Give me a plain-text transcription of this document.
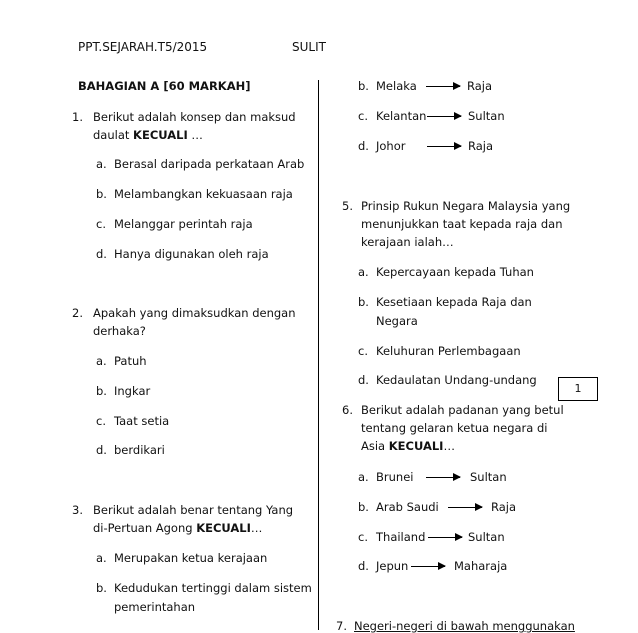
PPT.SEJARAH.T5/2015	SULIT
BAHAGIAN A [60 MARKAH]
1. Berikut adalah konsep dan maksud
daulat KECUALI …
a. Berasal daripada perkataan Arab
b. Melambangkan kekuasaan raja
c. Melanggar perintah raja
d. Hanya digunakan oleh raja
2. Apakah yang dimaksudkan dengan
derhaka?
a. Patuh
b. Ingkar
c. Taat setia
d. berdikari
3. Berikut adalah benar tentang Yang
di-Pertuan Agong KECUALI…
a. Merupakan ketua kerajaan
b. Kedudukan tertinggi dalam sistem
pemerintahan
b. Melaka	Raja
c. Kelantan	Sultan
d. Johor	Raja
5. Prinsip Rukun Negara Malaysia yang
menunjukkan taat kepada raja dan
kerajaan ialah…
a. Kepercayaan kepada Tuhan
b. Kesetiaan kepada Raja dan
Negara
c. Keluhuran Perlembagaan
d. Kedaulatan Undang-undang
1
6. Berikut adalah padanan yang betul
tentang gelaran ketua negara di
Asia KECUALI…
a. Brunei	Sultan
b. Arab Saudi	Raja
c. Thailand	Sultan
d. Jepun	Maharaja
7. Negeri-negeri di bawah menggunakan
